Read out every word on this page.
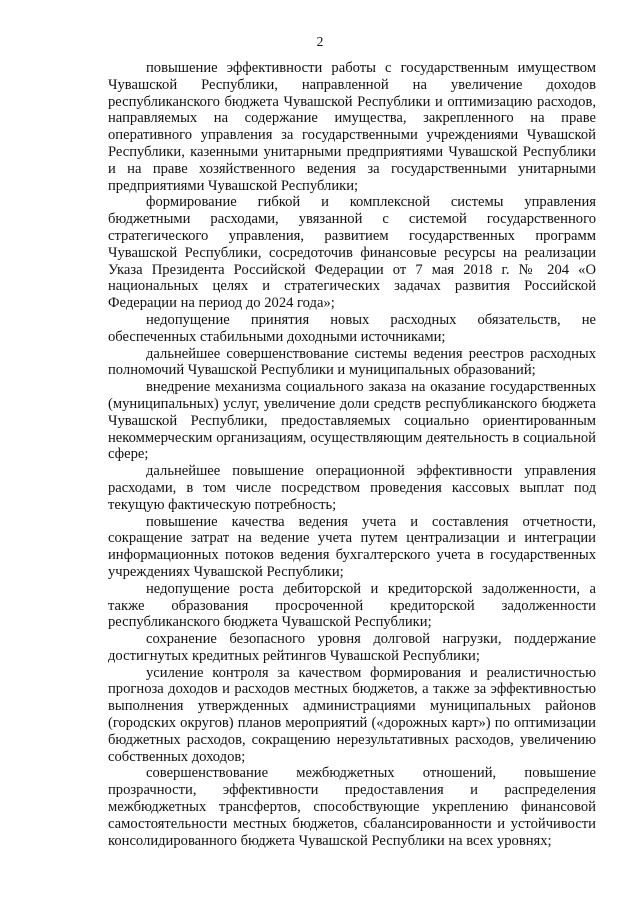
2

повышение эффективности работы с государственным имуществом Чувашской Республики, направленной на увеличение доходов республиканского бюджета Чувашской Республики и оптимизацию расходов, направляемых на содержание имущества, закрепленного на праве оперативного управления за государственными учреждениями Чувашской Республики, казенными унитарными предприятиями Чувашской Республики и на праве хозяйственного ведения за государственными унитарными предприятиями Чувашской Республики;

формирование гибкой и комплексной системы управления бюджетными расходами, увязанной с системой государственного стратегического управления, развитием государственных программ Чувашской Республики, сосредоточив финансовые ресурсы на реализации Указа Президента Российской Федерации от 7 мая 2018 г. № 204 «О национальных целях и стратегических задачах развития Российской Федерации на период до 2024 года»;

недопущение принятия новых расходных обязательств, не обеспеченных стабильными доходными источниками;

дальнейшее совершенствование системы ведения реестров расходных полномочий Чувашской Республики и муниципальных образований;

внедрение механизма социального заказа на оказание государственных (муниципальных) услуг, увеличение доли средств республиканского бюджета Чувашской Республики, предоставляемых социально ориентированным некоммерческим организациям, осуществляющим деятельность в социальной сфере;

дальнейшее повышение операционной эффективности управления расходами, в том числе посредством проведения кассовых выплат под текущую фактическую потребность;

повышение качества ведения учета и составления отчетности, сокращение затрат на ведение учета путем централизации и интеграции информационных потоков ведения бухгалтерского учета в государственных учреждениях Чувашской Республики;

недопущение роста дебиторской и кредиторской задолженности, а также образования просроченной кредиторской задолженности республиканского бюджета Чувашской Республики;

сохранение безопасного уровня долговой нагрузки, поддержание достигнутых кредитных рейтингов Чувашской Республики;

усиление контроля за качеством формирования и реалистичностью прогноза доходов и расходов местных бюджетов, а также за эффективностью выполнения утвержденных администрациями муниципальных районов (городских округов) планов мероприятий («дорожных карт») по оптимизации бюджетных расходов, сокращению нерезультативных расходов, увеличению собственных доходов;

совершенствование межбюджетных отношений, повышение прозрачности, эффективности предоставления и распределения межбюджетных трансфертов, способствующие укреплению финансовой самостоятельности местных бюджетов, сбалансированности и устойчивости консолидированного бюджета Чувашской Республики на всех уровнях;
